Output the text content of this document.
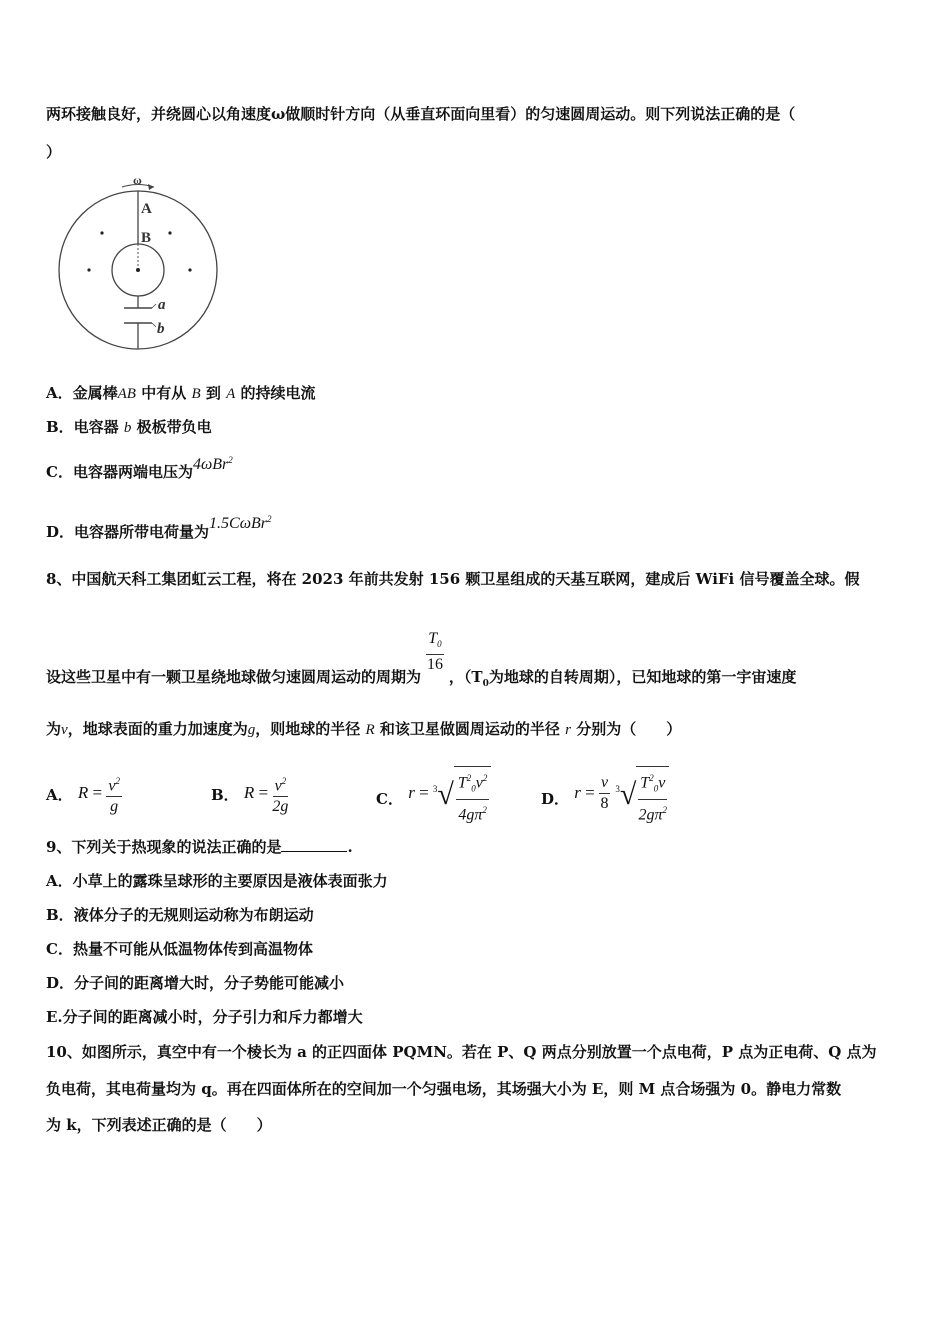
两环接触良好，并绕圆心以角速度ω做顺时针方向（从垂直环面向里看）的匀速圆周运动。则下列说法正确的是（
）
ω
A
B
a
b
A．金属棒AB 中有从 B 到 A 的持续电流
B．电容器 b 极板带负电
C．电容器两端电压为4ωBr$^2$
D．电容器所带电荷量为1.5CωBr$^2$
8、中国航天科工集团虹云工程，将在 2023 年前共发射 156 颗卫星组成的天基互联网，建成后 WiFi 信号覆盖全球。假
设这些卫星中有一颗卫星绕地球做匀速圆周运动的周期为
$\frac{T_0}{16}$
，（$T_0$为地球的自转周期），已知地球的第一宇宙速度
为v，地球表面的重力加速度为g，则地球的半径 R 和该卫星做圆周运动的半径 r 分别为（　　）
A． $R = \frac{v^2}{g}$	B． $R = \frac{v^2}{2g}$	C． r = 3 √ $\frac{T^2_0v^2}{4g\pi^2}$	D． $r = \frac{v}{8}$
3 √ $\frac{T^2_0v}{2g\pi^2}$
9、下列关于热现象的说法正确的是	.
A．小草上的露珠呈球形的主要原因是液体表面张力
B．液体分子的无规则运动称为布朗运动
C．热量不可能从低温物体传到高温物体
D．分子间的距离增大时，分子势能可能减小
E.分子间的距离减小时，分子引力和斥力都增大
10、如图所示，真空中有一个棱长为 a 的正四面体 PQMN。若在 P、Q 两点分别放置一个点电荷，P 点为正电荷、Q 点为
负电荷，其电荷量均为 q。再在四面体所在的空间加一个匀强电场，其场强大小为 E，则 M 点合场强为 0。静电力常数
为 k，下列表述正确的是（　　）
